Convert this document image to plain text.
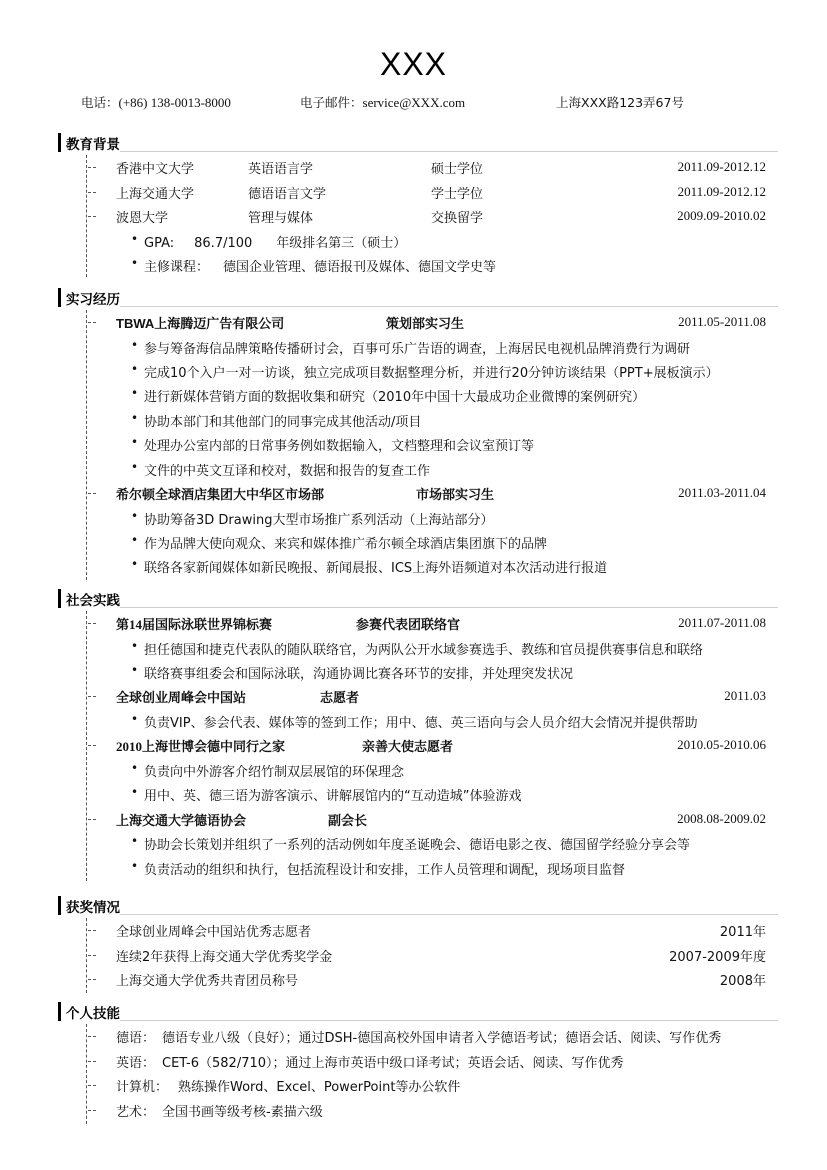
XXX
电话：(+86) 138-0013-8000	电子邮件：service@XXX.com	上海XXX路123弄67号
教育背景
香港中文大学	英语语言学	硕士学位	2011.09-2012.12
上海交通大学	德语语言文学	学士学位	2011.09-2012.12
波恩大学	管理与媒体	交换留学	2009.09-2010.02
• GPA: 86.7/100 年级排名第三（硕士）
• 主修课程： 德国企业管理、德语报刊及媒体、德国文学史等
实习经历
TBWA上海腾迈广告有限公司	策划部实习生	2011.05-2011.08
• 参与筹备海信品牌策略传播研讨会，百事可乐广告语的调查，上海居民电视机品牌消费行为调研
• 完成10个入户一对一访谈，独立完成项目数据整理分析，并进行20分钟访谈结果（PPT+展板演示）
• 进行新媒体营销方面的数据收集和研究（2010年中国十大最成功企业微博的案例研究）
• 协助本部门和其他部门的同事完成其他活动/项目
• 处理办公室内部的日常事务例如数据输入，文档整理和会议室预订等
• 文件的中英文互译和校对，数据和报告的复查工作
希尔顿全球酒店集团大中华区市场部	市场部实习生	2011.03-2011.04
• 协助筹备3D Drawing大型市场推广系列活动（上海站部分）
• 作为品牌大使向观众、来宾和媒体推广希尔顿全球酒店集团旗下的品牌
• 联络各家新闻媒体如新民晚报、新闻晨报、ICS上海外语频道对本次活动进行报道
社会实践
第14届国际泳联世界锦标赛	参赛代表团联络官	2011.07-2011.08
• 担任德国和捷克代表队的随队联络官，为两队公开水域参赛选手、教练和官员提供赛事信息和联络
• 联络赛事组委会和国际泳联，沟通协调比赛各环节的安排，并处理突发状况
全球创业周峰会中国站	志愿者	2011.03
• 负责VIP、参会代表、媒体等的签到工作；用中、德、英三语向与会人员介绍大会情况并提供帮助
2010上海世博会德中同行之家	亲善大使志愿者	2010.05-2010.06
• 负责向中外游客介绍竹制双层展馆的环保理念
• 用中、英、德三语为游客演示、讲解展馆内的“互动造城”体验游戏
上海交通大学德语协会	副会长	2008.08-2009.02
• 协助会长策划并组织了一系列的活动例如年度圣诞晚会、德语电影之夜、德国留学经验分享会等
• 负责活动的组织和执行，包括流程设计和安排，工作人员管理和调配，现场项目监督
获奖情况
全球创业周峰会中国站优秀志愿者	2011年
连续2年获得上海交通大学优秀奖学金	2007-2009年度
上海交通大学优秀共青团员称号	2008年
个人技能
德语： 德语专业八级（良好）；通过DSH-德国高校外国申请者入学德语考试；德语会话、阅读、写作优秀
英语： CET-6（582/710）；通过上海市英语中级口译考试；英语会话、阅读、写作优秀
计算机： 熟练操作Word、Excel、PowerPoint等办公软件
艺术： 全国书画等级考核-素描六级
